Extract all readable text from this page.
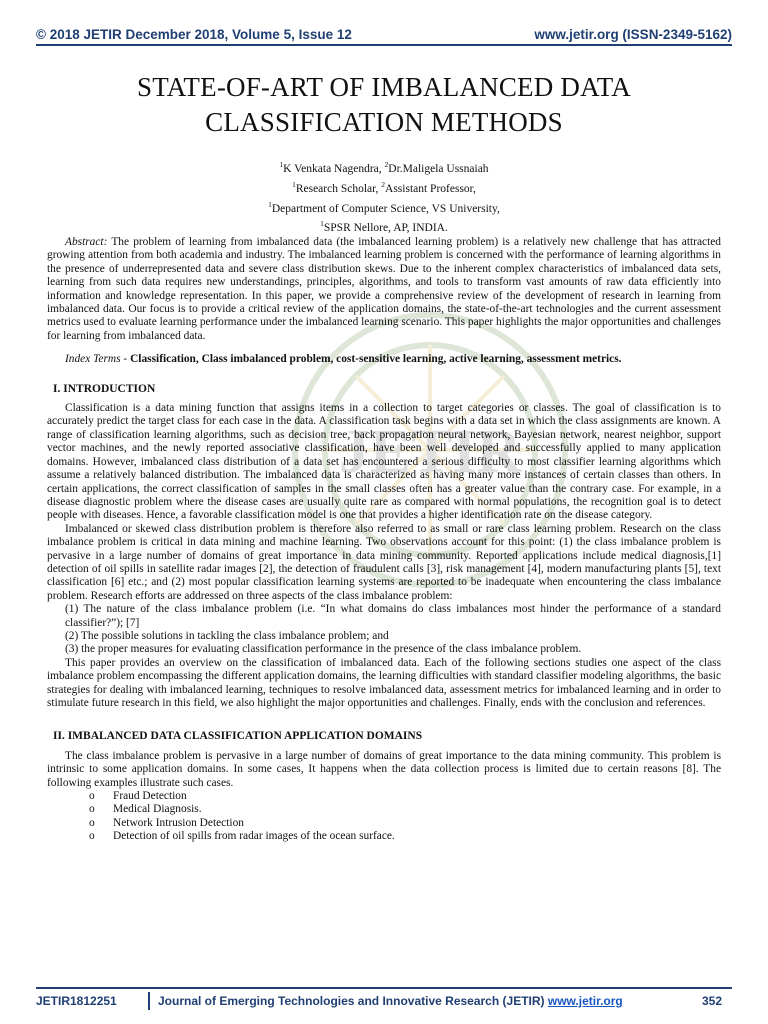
© 2018 JETIR December 2018, Volume 5, Issue 12	www.jetir.org (ISSN-2349-5162)
JETIR
STATE-OF-ART OF IMBALANCED DATA
CLASSIFICATION METHODS
$^1$K Venkata Nagendra, $^2$Dr.Maligela Ussnaiah
$^1$Research Scholar, $^2$Assistant Professor,
$^1$Department of Computer Science, VS University,
$^1$SPSR Nellore, AP, INDIA.

Abstract: The problem of learning from imbalanced data (the imbalanced learning problem) is a relatively new challenge that has attracted growing attention from both academia and industry. The imbalanced learning problem is concerned with the performance of learning algorithms in the presence of underrepresented data and severe class distribution skews. Due to the inherent complex characteristics of imbalanced data sets, learning from such data requires new understandings, principles, algorithms, and tools to transform vast amounts of raw data efficiently into information and knowledge representation. In this paper, we provide a comprehensive review of the development of research in learning from imbalanced data. Our focus is to provide a critical review of the application domains, the state-of-the-art technologies and the current assessment metrics used to evaluate learning performance under the imbalanced learning scenario. This paper highlights the major opportunities and challenges for learning from imbalanced data.

Index Terms - Classification, Class imbalanced problem, cost-sensitive learning, active learning, assessment metrics.

I. INTRODUCTION

Classification is a data mining function that assigns items in a collection to target categories or classes. The goal of classification is to accurately predict the target class for each case in the data. A classification task begins with a data set in which the class assignments are known. A range of classification learning algorithms, such as decision tree, back propagation neural network, Bayesian network, nearest neighbor, support vector machines, and the newly reported associative classification, have been well developed and successfully applied to many application domains. However, imbalanced class distribution of a data set has encountered a serious difficulty to most classifier learning algorithms which assume a relatively balanced distribution. The imbalanced data is characterized as having many more instances of certain classes than others. In certain applications, the correct classification of samples in the small classes often has a greater value than the contrary case. For example, in a disease diagnostic problem where the disease cases are usually quite rare as compared with normal populations, the recognition goal is to detect people with diseases. Hence, a favorable classification model is one that provides a higher identification rate on the disease category.

Imbalanced or skewed class distribution problem is therefore also referred to as small or rare class learning problem. Research on the class imbalance problem is critical in data mining and machine learning. Two observations account for this point: (1) the class imbalance problem is pervasive in a large number of domains of great importance in data mining community. Reported applications include medical diagnosis,[1] detection of oil spills in satellite radar images [2], the detection of fraudulent calls [3], risk management [4], modern manufacturing plants [5], text classification [6] etc.; and (2) most popular classification learning systems are reported to be inadequate when encountering the class imbalance problem. Research efforts are addressed on three aspects of the class imbalance problem:

(1) The nature of the class imbalance problem (i.e. “In what domains do class imbalances most hinder the performance of a standard classifier?”); [7]

(2) The possible solutions in tackling the class imbalance problem; and

(3) the proper measures for evaluating classification performance in the presence of the class imbalance problem.

This paper provides an overview on the classification of imbalanced data. Each of the following sections studies one aspect of the class imbalance problem encompassing the different application domains, the learning difficulties with standard classifier modeling algorithms, the basic strategies for dealing with imbalanced learning, techniques to resolve imbalanced data, assessment metrics for imbalanced learning and in order to stimulate future research in this field, we also highlight the major opportunities and challenges. Finally, ends with the conclusion and references.

II. IMBALANCED DATA CLASSIFICATION APPLICATION DOMAINS

The class imbalance problem is pervasive in a large number of domains of great importance to the data mining community. This problem is intrinsic to some application domains. In some cases, It happens when the data collection process is limited due to certain reasons [8]. The following examples illustrate such cases.

o Fraud Detection
o Medical Diagnosis.
o Network Intrusion Detection
o Detection of oil spills from radar images of the ocean surface.
JETIR1812251	Journal of Emerging Technologies and Innovative Research (JETIR) www.jetir.org	352
